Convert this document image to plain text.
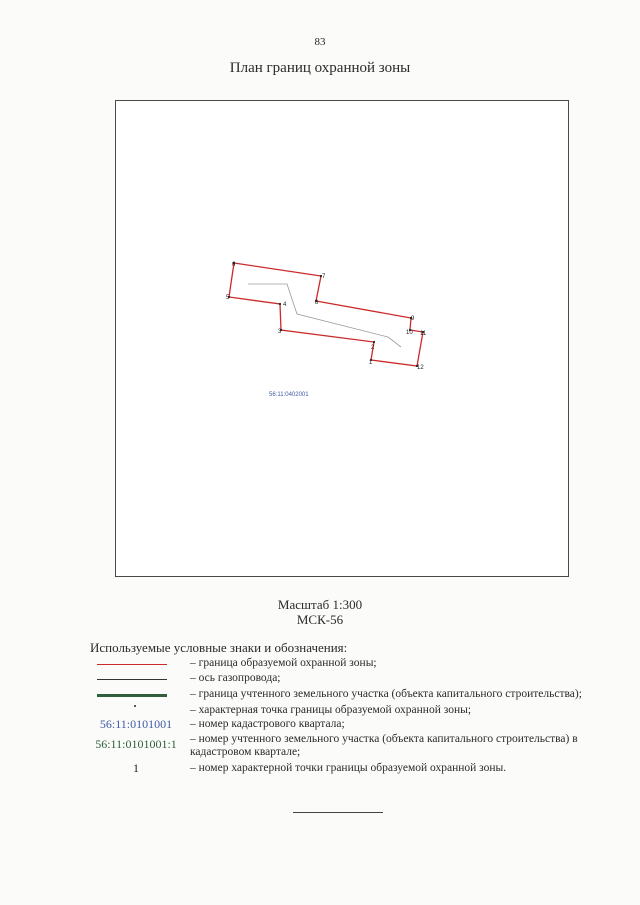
83
План границ охранной зоны
1
2
3
4
5
6
7
8
9
10 11
12
56:11:0402001
Масштаб 1:300
МСК-56
Используемые условные знаки и обозначения:
– граница образуемой охранной зоны;
– ось газопровода;
– граница учтенного земельного участка (объекта капитального строительства);
– характерная точка границы образуемой охранной зоны;
56:11:0101001	– номер кадастрового квартала;
56:11:0101001:1	– номер учтенного земельного участка (объекта капитального строительства) в кадастровом квартале;
1	– номер характерной точки границы образуемой охранной зоны.
